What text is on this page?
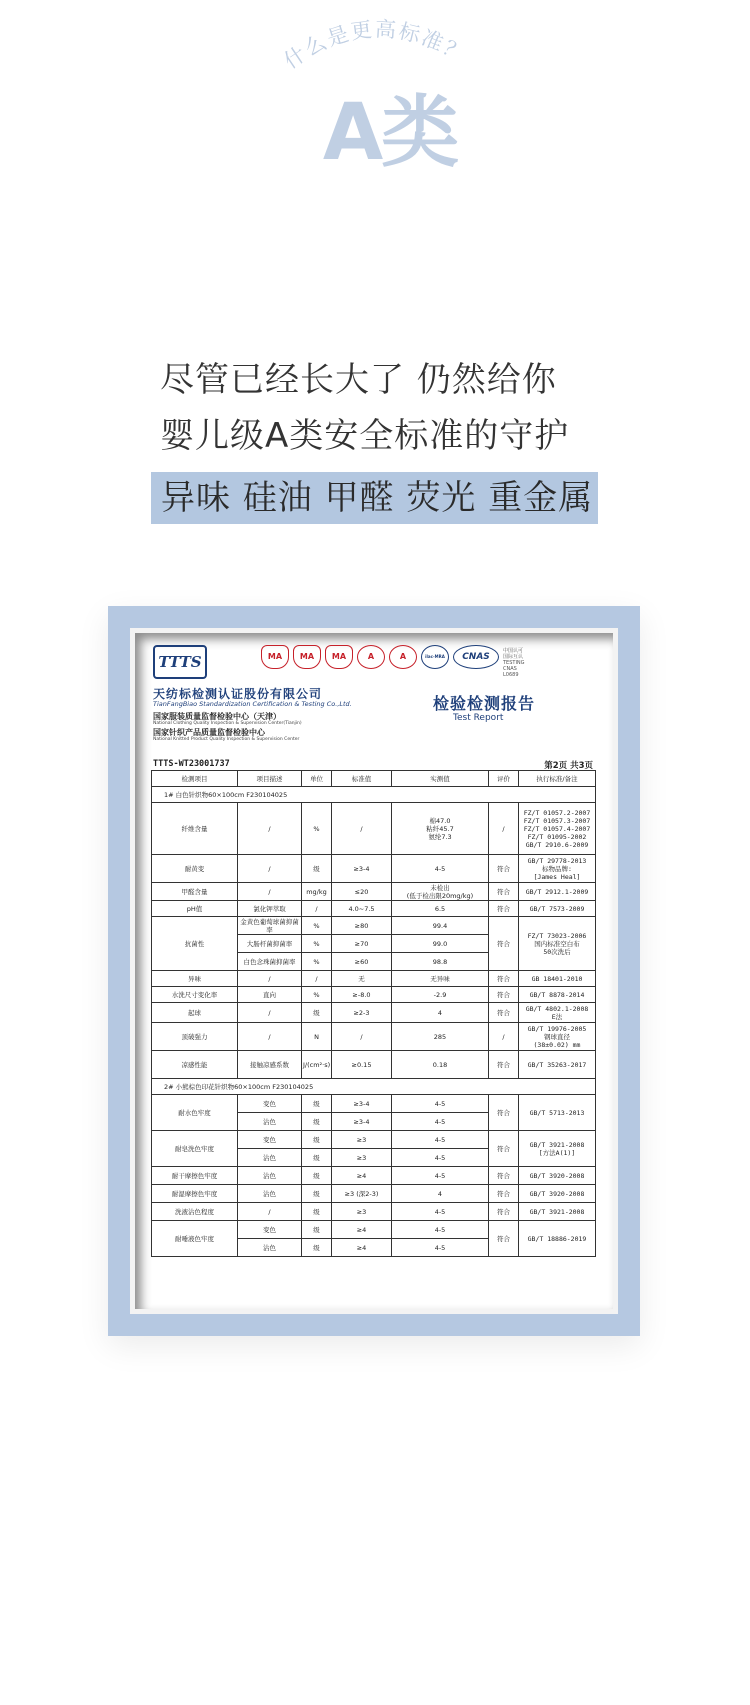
什么是更高标准？
A类
尽管已经长大了 仍然给你
婴儿级A类安全标准的守护
异味 硅油 甲醛 荧光 重金属
TTTS	MA	MA	MA	A	A	ilac-MRA	CNAS
中国认可 国际互认 TESTING CNAS L0689
天纺标检测认证股份有限公司
TianFangBiao Standardization Certification & Testing Co.,Ltd.
国家服装质量监督检验中心（天津）
National Clothing Quality Inspection & Supervision Center(Tianjin)
国家针织产品质量监督检验中心
National Knitted Product Quality Inspection & Supervision Center
检验检测报告
Test Report
TTTS-WT23001737	第2页 共3页
检测项目	项目描述	单位	标准值	实测值	评价	执行标准/备注
1# 白色针织物60×100cm F230104025						
纤维含量	/	%	/	棉47.0
粘纤45.7
氨纶7.3	/	FZ/T 01057.2-2007
FZ/T 01057.3-2007
FZ/T 01057.4-2007
FZ/T 01095-2002
GB/T 2910.6-2009
耐黄变	/	级	≥3-4	4-5	符合	GB/T 29778-2013
标物品牌:
[James Heal]
甲醛含量	/	mg/kg	≤20	未检出
(低于检出限20mg/kg)	符合	GB/T 2912.1-2009
pH值	氯化钾萃取	/	4.0~7.5	6.5	符合	GB/T 7573-2009
抗菌性	金黄色葡萄球菌抑菌率	%	≥80	99.4	符合	FZ/T 73023-2006
国内标准空白布
50次洗后
	大肠杆菌抑菌率	%	≥70	99.0		
	白色念珠菌抑菌率	%	≥60	98.8		
异味	/	/	无	无异味	符合	GB 18401-2010
水洗尺寸变化率	直向	%	≥-8.0	-2.9	符合	GB/T 8878-2014
起球	/	级	≥2-3	4	符合	GB/T 4802.1-2008
E法
顶破强力	/	N	/	285	/	GB/T 19976-2005
钢球直径
(38±0.02) mm
凉感性能	接触凉感系数	J/(cm²·s)	≥0.15	0.18	符合	GB/T 35263-2017
2# 小熊棕色印花针织物60×100cm F230104025						
耐水色牢度	变色	级	≥3-4	4-5	符合	GB/T 5713-2013
	沾色	级	≥3-4	4-5		
耐皂洗色牢度	变色	级	≥3	4-5	符合	GB/T 3921-2008
[方法A(1)]
	沾色	级	≥3	4-5		
耐干摩擦色牢度	沾色	级	≥4	4-5	符合	GB/T 3920-2008
耐湿摩擦色牢度	沾色	级	≥3 (深2-3)	4	符合	GB/T 3920-2008
洗液沾色程度	/	级	≥3	4-5	符合	GB/T 3921-2008
耐唾液色牢度	变色	级	≥4	4-5	符合	GB/T 18886-2019
	沾色	级	≥4	4-5		
